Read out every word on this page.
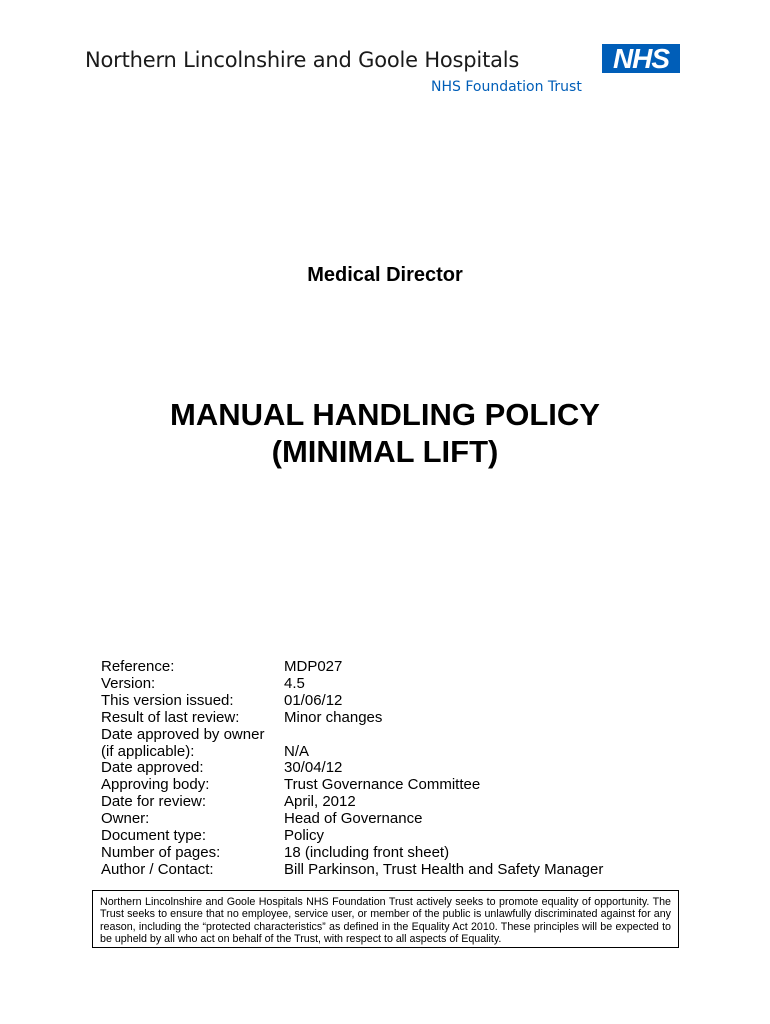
Northern Lincolnshire and Goole Hospitals
NHS Foundation Trust
NHS
Medical Director
MANUAL HANDLING POLICY
(MINIMAL LIFT)
Reference:	MDP027
Version:	4.5
This version issued:	01/06/12
Result of last review:	Minor changes
Date approved by owner
(if applicable):	N/A
Date approved:	30/04/12
Approving body:	Trust Governance Committee
Date for review:	April, 2012
Owner:	Head of Governance
Document type:	Policy
Number of pages:	18 (including front sheet)
Author / Contact:	Bill Parkinson, Trust Health and Safety Manager
Northern Lincolnshire and Goole Hospitals NHS Foundation Trust actively seeks to promote equality of opportunity. The Trust seeks to ensure that no employee, service user, or member of the public is unlawfully discriminated against for any reason, including the “protected characteristics” as defined in the Equality Act 2010. These principles will be expected to be upheld by all who act on behalf of the Trust, with respect to all aspects of Equality.
